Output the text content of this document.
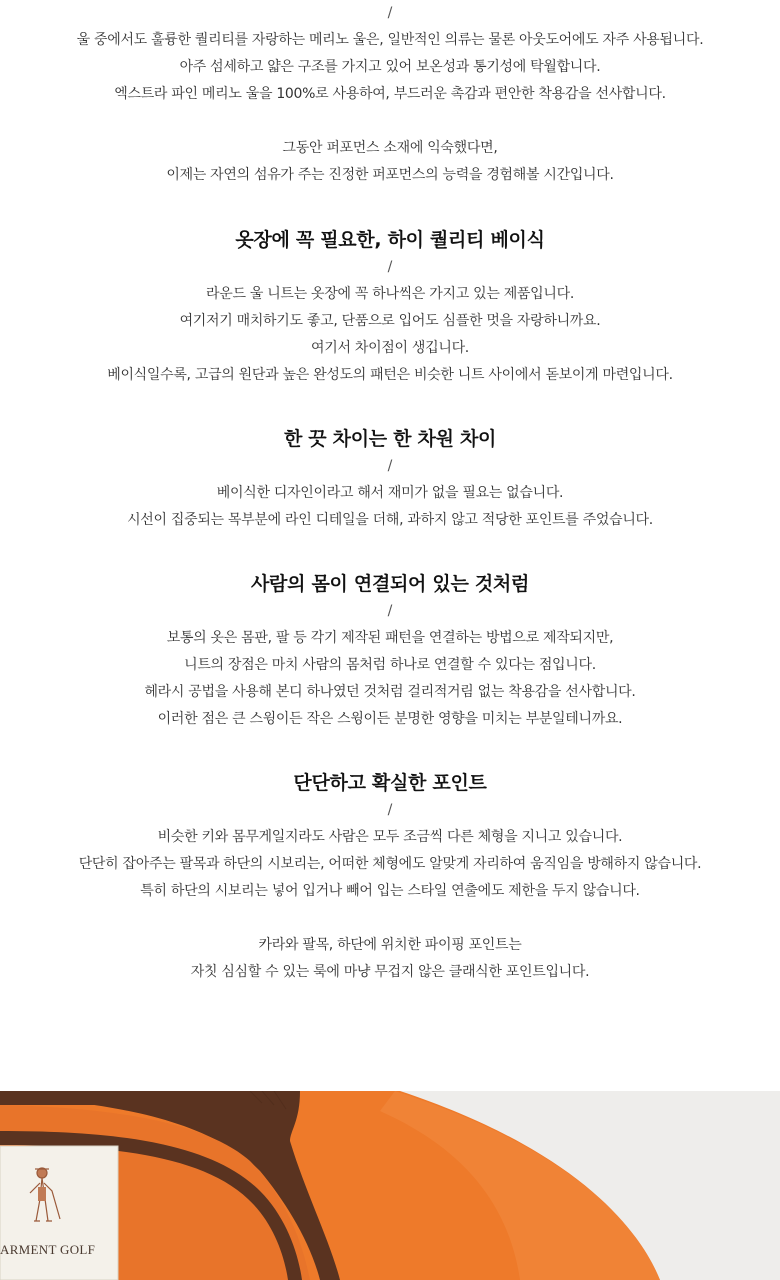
/
울 중에서도 훌륭한 퀄리티를 자랑하는 메리노 울은, 일반적인 의류는 물론 아웃도어에도 자주 사용됩니다.
아주 섬세하고 얇은 구조를 가지고 있어 보온성과 통기성에 탁월합니다.
엑스트라 파인 메리노 울을 100%로 사용하여, 부드러운 촉감과 편안한 착용감을 선사합니다.
그동안 퍼포먼스 소재에 익숙했다면,
이제는 자연의 섬유가 주는 진정한 퍼포먼스의 능력을 경험해볼 시간입니다.
옷장에 꼭 필요한, 하이 퀄리티 베이식
/
라운드 울 니트는 옷장에 꼭 하나씩은 가지고 있는 제품입니다.
여기저기 매치하기도 좋고, 단품으로 입어도 심플한 멋을 자랑하니까요.
여기서 차이점이 생깁니다.
베이식일수록, 고급의 원단과 높은 완성도의 패턴은 비슷한 니트 사이에서 돋보이게 마련입니다.
한 끗 차이는 한 차원 차이
/
베이식한 디자인이라고 해서 재미가 없을 필요는 없습니다.
시선이 집중되는 목부분에 라인 디테일을 더해, 과하지 않고 적당한 포인트를 주었습니다.
사람의 몸이 연결되어 있는 것처럼
/
보통의 옷은 몸판, 팔 등 각기 제작된 패턴을 연결하는 방법으로 제작되지만,
니트의 장점은 마치 사람의 몸처럼 하나로 연결할 수 있다는 점입니다.
헤라시 공법을 사용해 본디 하나였던 것처럼 걸리적거림 없는 착용감을 선사합니다.
이러한 점은 큰 스윙이든 작은 스윙이든 분명한 영향을 미치는 부분일테니까요.
단단하고 확실한 포인트
/
비슷한 키와 몸무게일지라도 사람은 모두 조금씩 다른 체형을 지니고 있습니다.
단단히 잡아주는 팔목과 하단의 시보리는, 어떠한 체형에도 알맞게 자리하여 움직임을 방해하지 않습니다.
특히 하단의 시보리는 넣어 입거나 빼어 입는 스타일 연출에도 제한을 두지 않습니다.
카라와 팔목, 하단에 위치한 파이핑 포인트는
자칫 심심할 수 있는 룩에 마냥 무겁지 않은 클래식한 포인트입니다.
ARMENT GOLF
